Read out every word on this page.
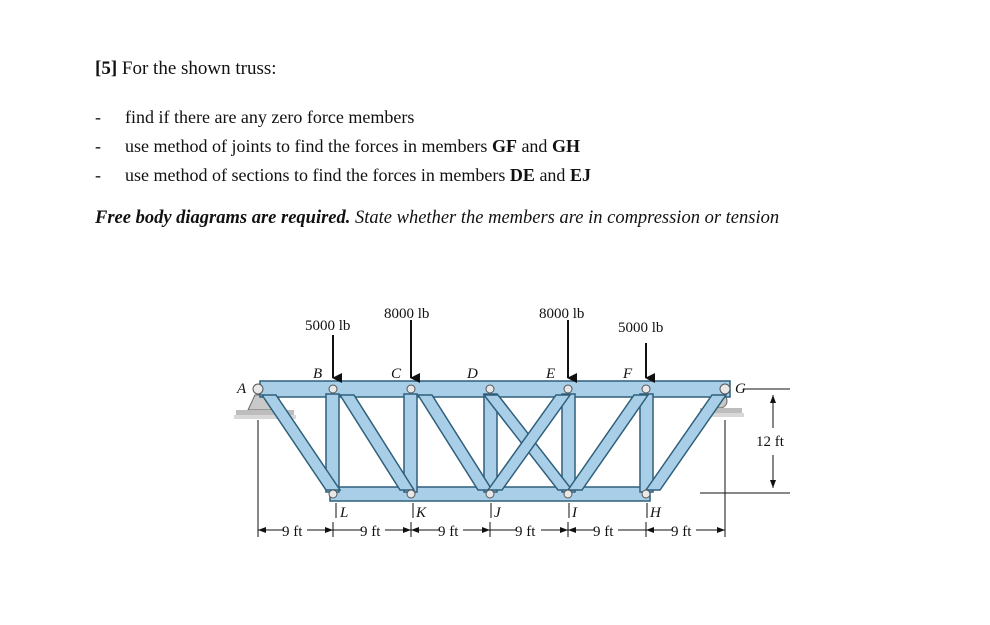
[5] For the shown truss:
- find if there are any zero force members
- use method of joints to find the forces in members GF and GH
- use method of sections to find the forces in members DE and EJ
Free body diagrams are required. State whether the members are in compression or tension
5000 lb
8000 lb	8000 lb
5000 lb
A
B	C	D	E	F
G
L	K	J	I	H
12 ft
9 ft	9 ft	9 ft	9 ft	9 ft	9 ft
